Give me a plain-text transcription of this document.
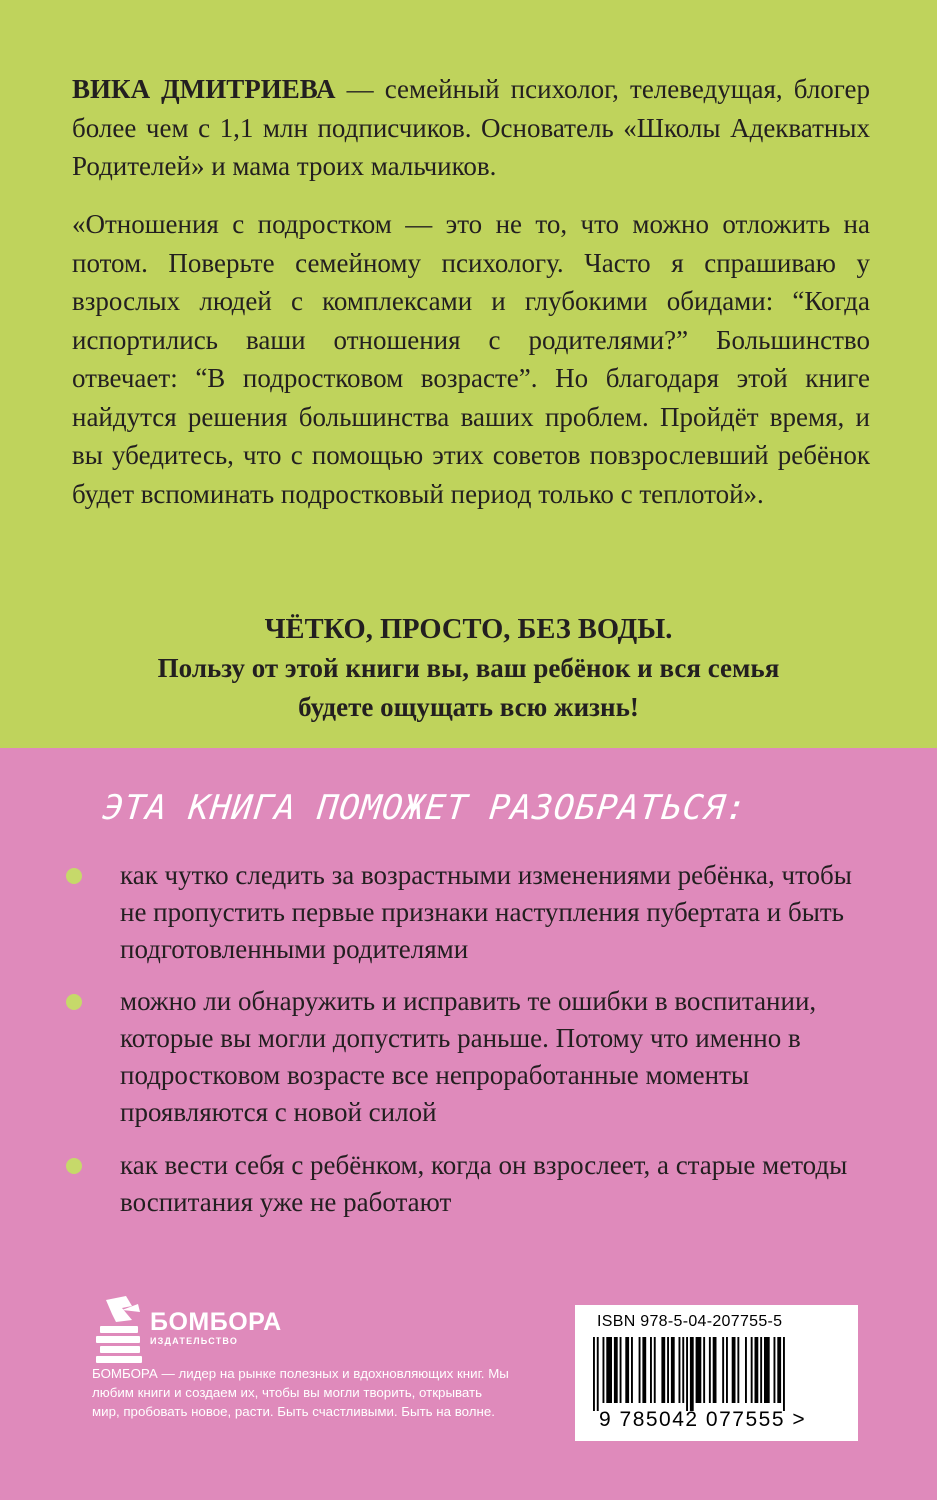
ВИКА ДМИТРИЕВА — семейный психолог, телеведущая, блогер более чем с 1,1 млн подписчиков. Основатель «Школы Адекватных Родителей» и мама троих мальчиков.

«Отношения с подростком — это не то, что можно отложить на потом. Поверьте семейному психологу. Часто я спрашиваю у взрослых людей с комплексами и глубокими обидами: “Когда испортились ваши отношения с родителями?” Большинство отвечает: “В подростковом возрасте”. Но благодаря этой книге найдутся решения большинства ваших проблем. Пройдёт время, и вы убедитесь, что с помощью этих советов повзрослевший ребёнок будет вспоминать подростковый период только с теплотой».

ЧЁТКО, ПРОСТО, БЕЗ ВОДЫ.
Пользу от этой книги вы, ваш ребёнок и вся семья
будете ощущать всю жизнь!
ЭТА КНИГА ПОМОЖЕТ РАЗОБРАТЬСЯ:

как чутко следить за возрастными изменениями ребёнка, чтобы не пропустить первые признаки наступления пубертата и быть подготовленными родителями

можно ли обнаружить и исправить те ошибки в воспитании, которые вы могли допустить раньше. Потому что именно в подростковом возрасте все непроработанные моменты проявляются с новой силой

как вести себя с ребёнком, когда он взрослеет, а старые методы воспитания уже не работают

БОМБОРА
ИЗДАТЕЛЬСТВО

БОМБОРА — лидер на рынке полезных и вдохновляющих книг. Мы любим книги и создаем их, чтобы вы могли творить, открывать мир, пробовать новое, расти. Быть счастливыми. Быть на волне.

ISBN 978-5-04-207755-5
9 785042 077555 >
